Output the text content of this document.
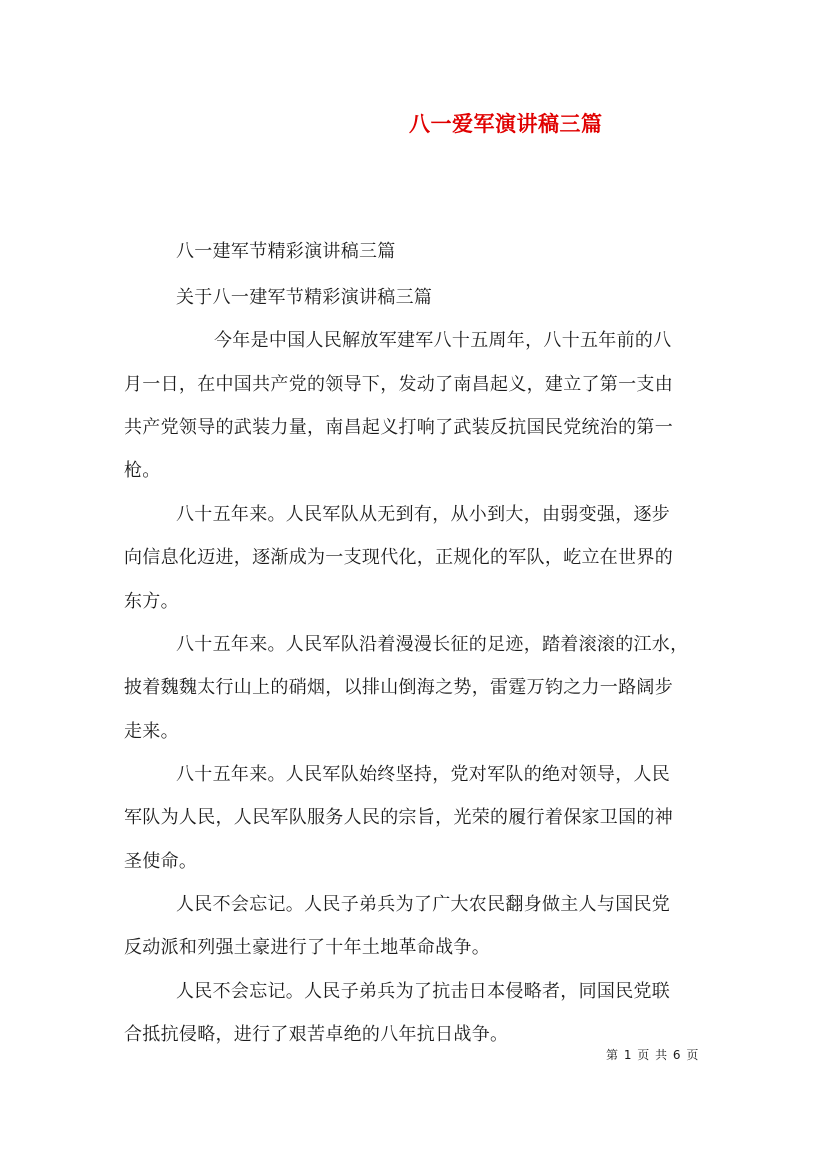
八一爱军演讲稿三篇
八一建军节精彩演讲稿三篇
关于八一建军节精彩演讲稿三篇
今年是中国人民解放军建军八十五周年，八十五年前的八
月一日，在中国共产党的领导下，发动了南昌起义，建立了第一支由
共产党领导的武装力量，南昌起义打响了武装反抗国民党统治的第一
枪。
八十五年来。人民军队从无到有，从小到大，由弱变强，逐步
向信息化迈进，逐渐成为一支现代化，正规化的军队，屹立在世界的
东方。
八十五年来。人民军队沿着漫漫长征的足迹，踏着滚滚的江水，
披着魏魏太行山上的硝烟，以排山倒海之势，雷霆万钧之力一路阔步
走来。
八十五年来。人民军队始终坚持，党对军队的绝对领导，人民
军队为人民，人民军队服务人民的宗旨，光荣的履行着保家卫国的神
圣使命。
人民不会忘记。人民子弟兵为了广大农民翻身做主人与国民党
反动派和列强土豪进行了十年土地革命战争。
人民不会忘记。人民子弟兵为了抗击日本侵略者，同国民党联
合抵抗侵略，进行了艰苦卓绝的八年抗日战争。
第 1 页 共 6 页
